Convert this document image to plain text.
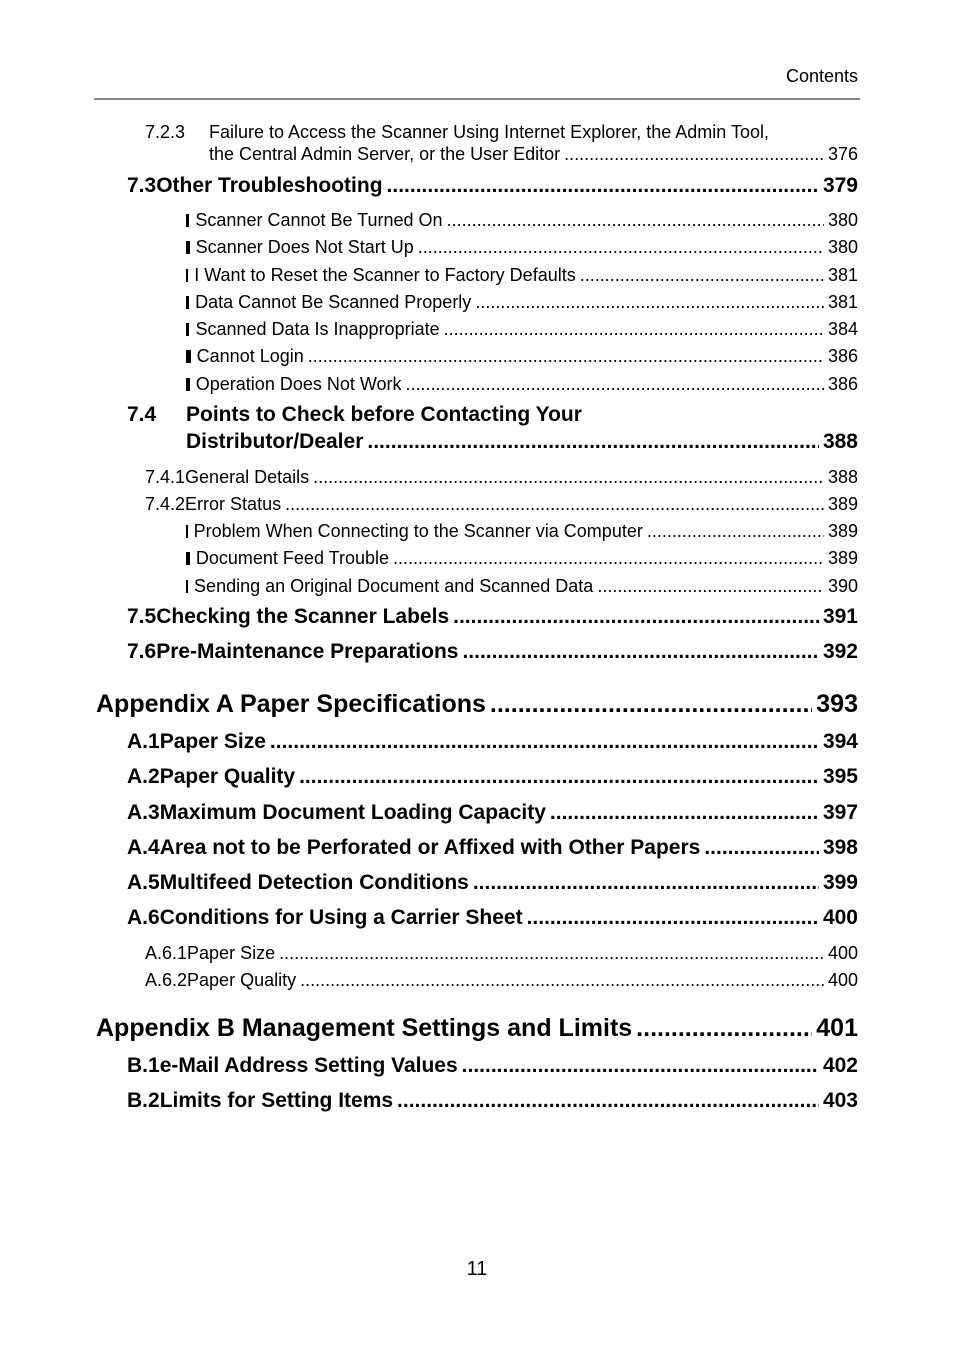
Contents
7.2.3 Failure to Access the Scanner Using Internet Explorer, the Admin Tool,
the Central Admin Server, or the User Editor .....	376
7.3 Other Troubleshooting .....	379
Scanner Cannot Be Turned On .....	380
Scanner Does Not Start Up .....	380
I Want to Reset the Scanner to Factory Defaults .....	381
Data Cannot Be Scanned Properly .....	381
Scanned Data Is Inappropriate .....	384
Cannot Login .....	386
Operation Does Not Work .....	386
7.4 Points to Check before Contacting Your
Distributor/Dealer .....	388
7.4.1 General Details .....	388
7.4.2 Error Status .....	389
Problem When Connecting to the Scanner via Computer .....	389
Document Feed Trouble .....	389
Sending an Original Document and Scanned Data .....	390
7.5 Checking the Scanner Labels .....	391
7.6 Pre-Maintenance Preparations .....	392
Appendix A Paper Specifications .....	393
A.1 Paper Size .....	394
A.2 Paper Quality .....	395
A.3 Maximum Document Loading Capacity .....	397
A.4 Area not to be Perforated or Affixed with Other Papers .....	398
A.5 Multifeed Detection Conditions .....	399
A.6 Conditions for Using a Carrier Sheet .....	400
A.6.1 Paper Size .....	400
A.6.2 Paper Quality .....	400
Appendix B Management Settings and Limits .....	401
B.1 e-Mail Address Setting Values .....	402
B.2 Limits for Setting Items .....	403
11
